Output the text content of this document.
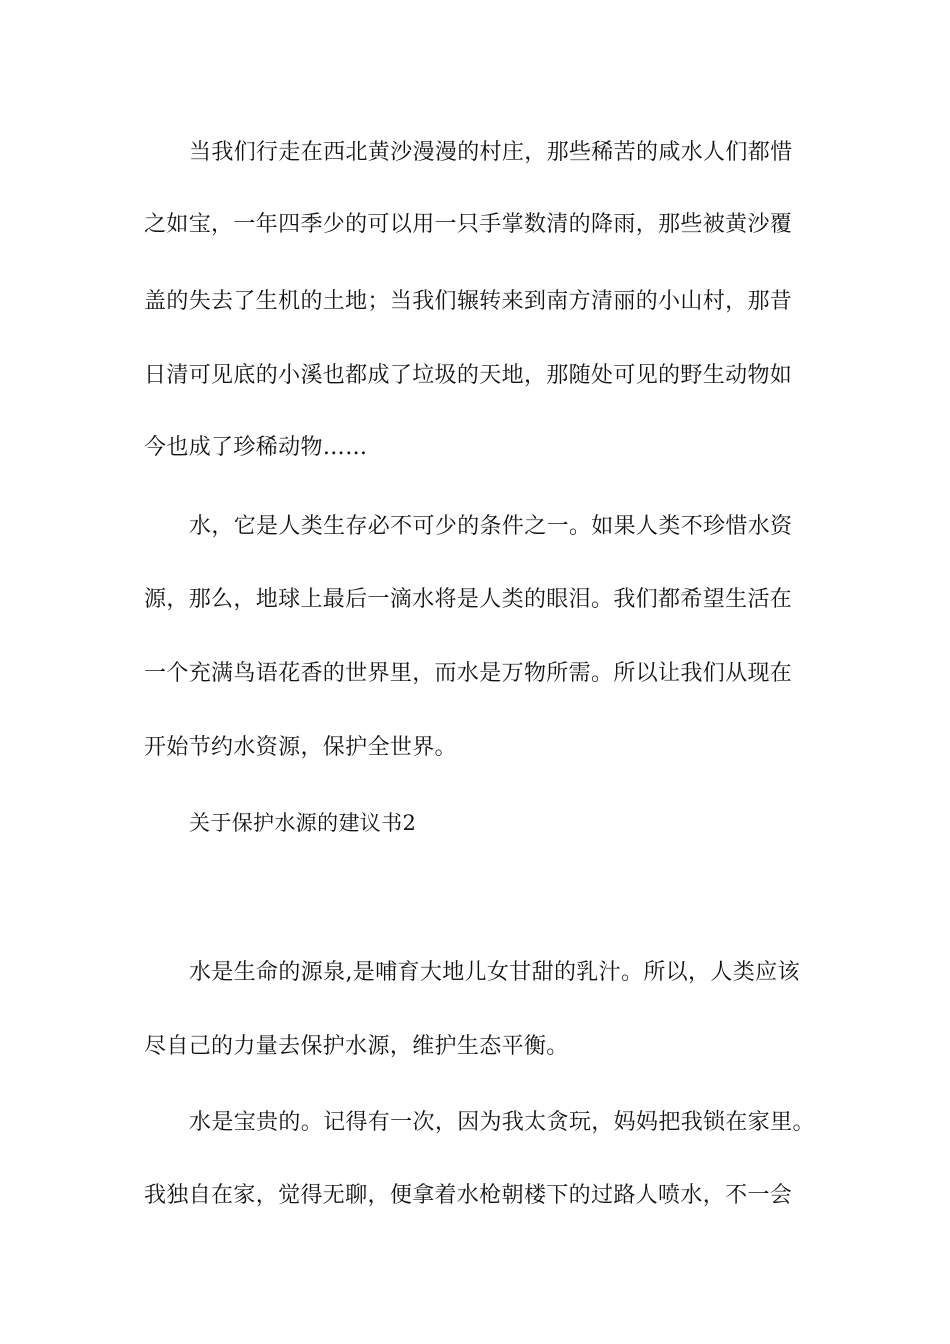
当我们行走在西北黄沙漫漫的村庄，那些稀苦的咸水人们都惜
之如宝，一年四季少的可以用一只手掌数清的降雨，那些被黄沙覆
盖的失去了生机的土地；当我们辗转来到南方清丽的小山村，那昔
日清可见底的小溪也都成了垃圾的天地，那随处可见的野生动物如
今也成了珍稀动物……
水，它是人类生存必不可少的条件之一。如果人类不珍惜水资
源，那么，地球上最后一滴水将是人类的眼泪。我们都希望生活在
一个充满鸟语花香的世界里，而水是万物所需。所以让我们从现在
开始节约水资源，保护全世界。
关于保护水源的建议书2
水是生命的源泉,是哺育大地儿女甘甜的乳汁。所以，人类应该
尽自己的力量去保护水源，维护生态平衡。
水是宝贵的。记得有一次，因为我太贪玩，妈妈把我锁在家里。
我独自在家，觉得无聊，便拿着水枪朝楼下的过路人喷水，不一会
